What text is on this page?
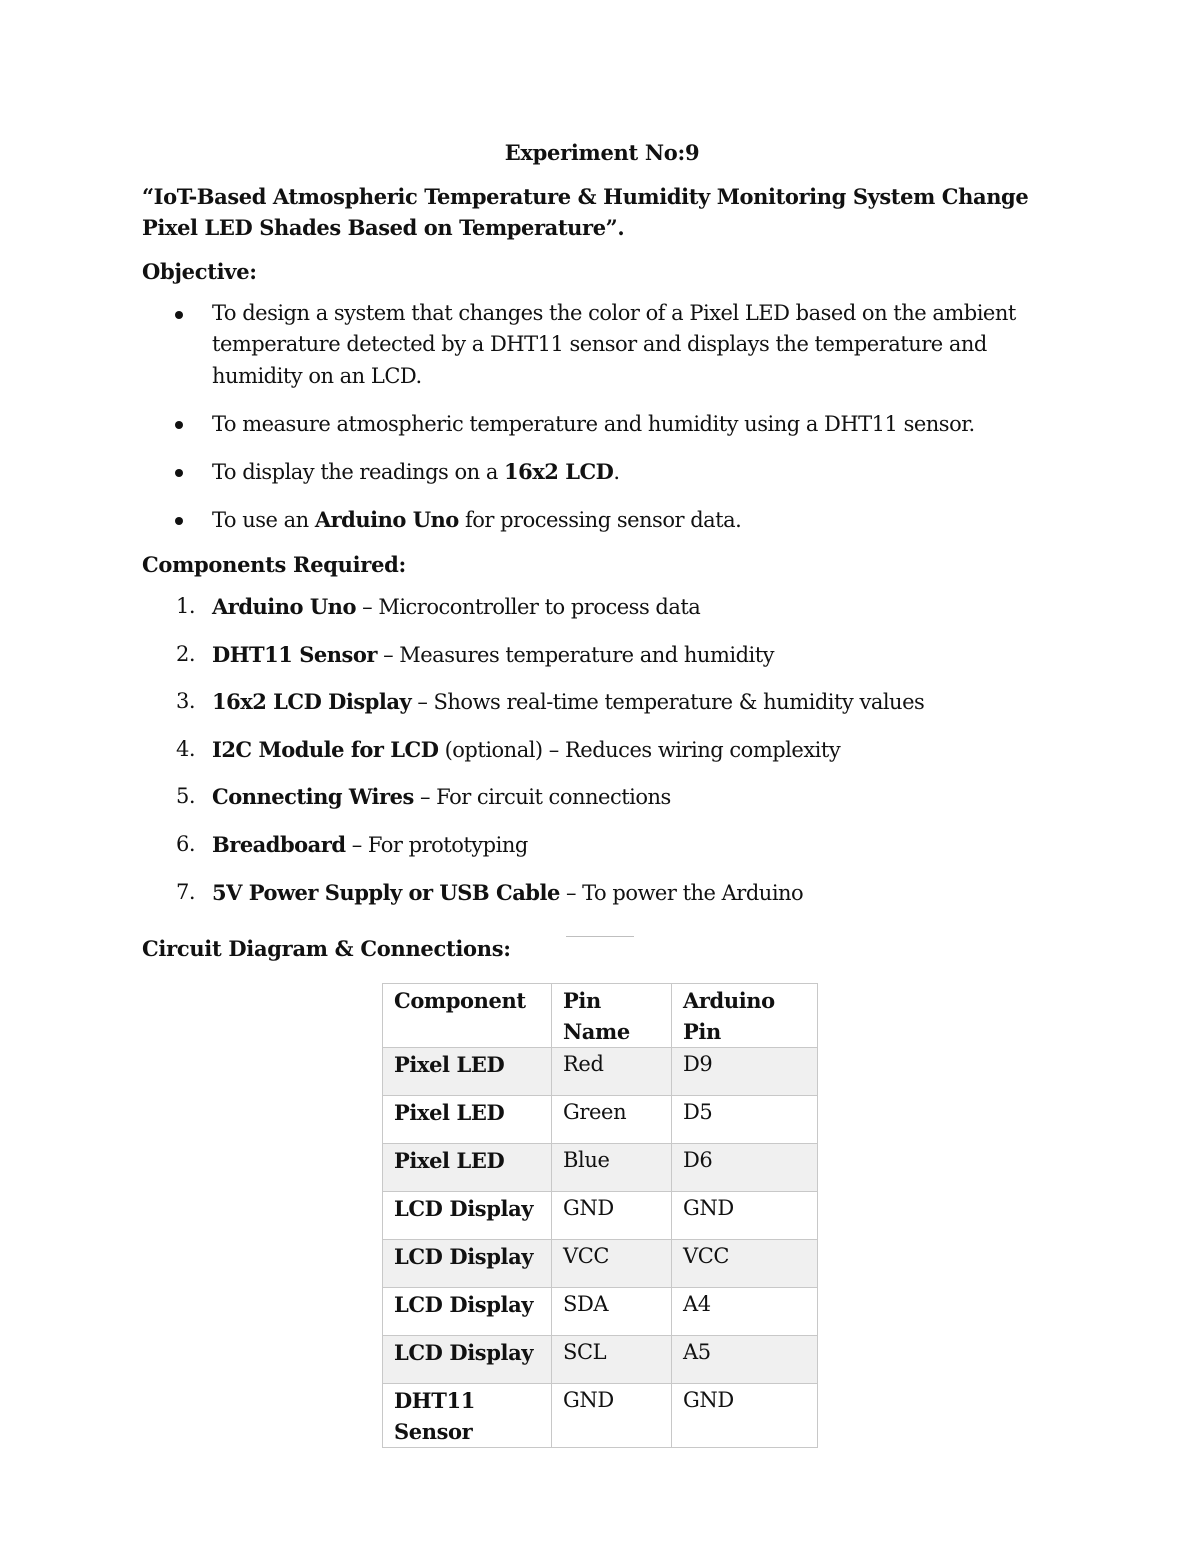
Experiment No:9
“IoT-Based Atmospheric Temperature & Humidity Monitoring System Change Pixel LED Shades Based on Temperature”.
Objective:
To design a system that changes the color of a Pixel LED based on the ambient temperature detected by a DHT11 sensor and displays the temperature and humidity on an LCD.
To measure atmospheric temperature and humidity using a DHT11 sensor.
To display the readings on a 16x2 LCD.
To use an Arduino Uno for processing sensor data.
Components Required:
1. Arduino Uno – Microcontroller to process data
2. DHT11 Sensor – Measures temperature and humidity
3. 16x2 LCD Display – Shows real-time temperature & humidity values
4. I2C Module for LCD (optional) – Reduces wiring complexity
5. Connecting Wires – For circuit connections
6. Breadboard – For prototyping
7. 5V Power Supply or USB Cable – To power the Arduino
Circuit Diagram & Connections:
Component	Pin Name	Arduino Pin
Pixel LED	Red	D9
Pixel LED	Green	D5
Pixel LED	Blue	D6
LCD Display	GND	GND
LCD Display	VCC	VCC
LCD Display	SDA	A4
LCD Display	SCL	A5
DHT11 Sensor	GND	GND
